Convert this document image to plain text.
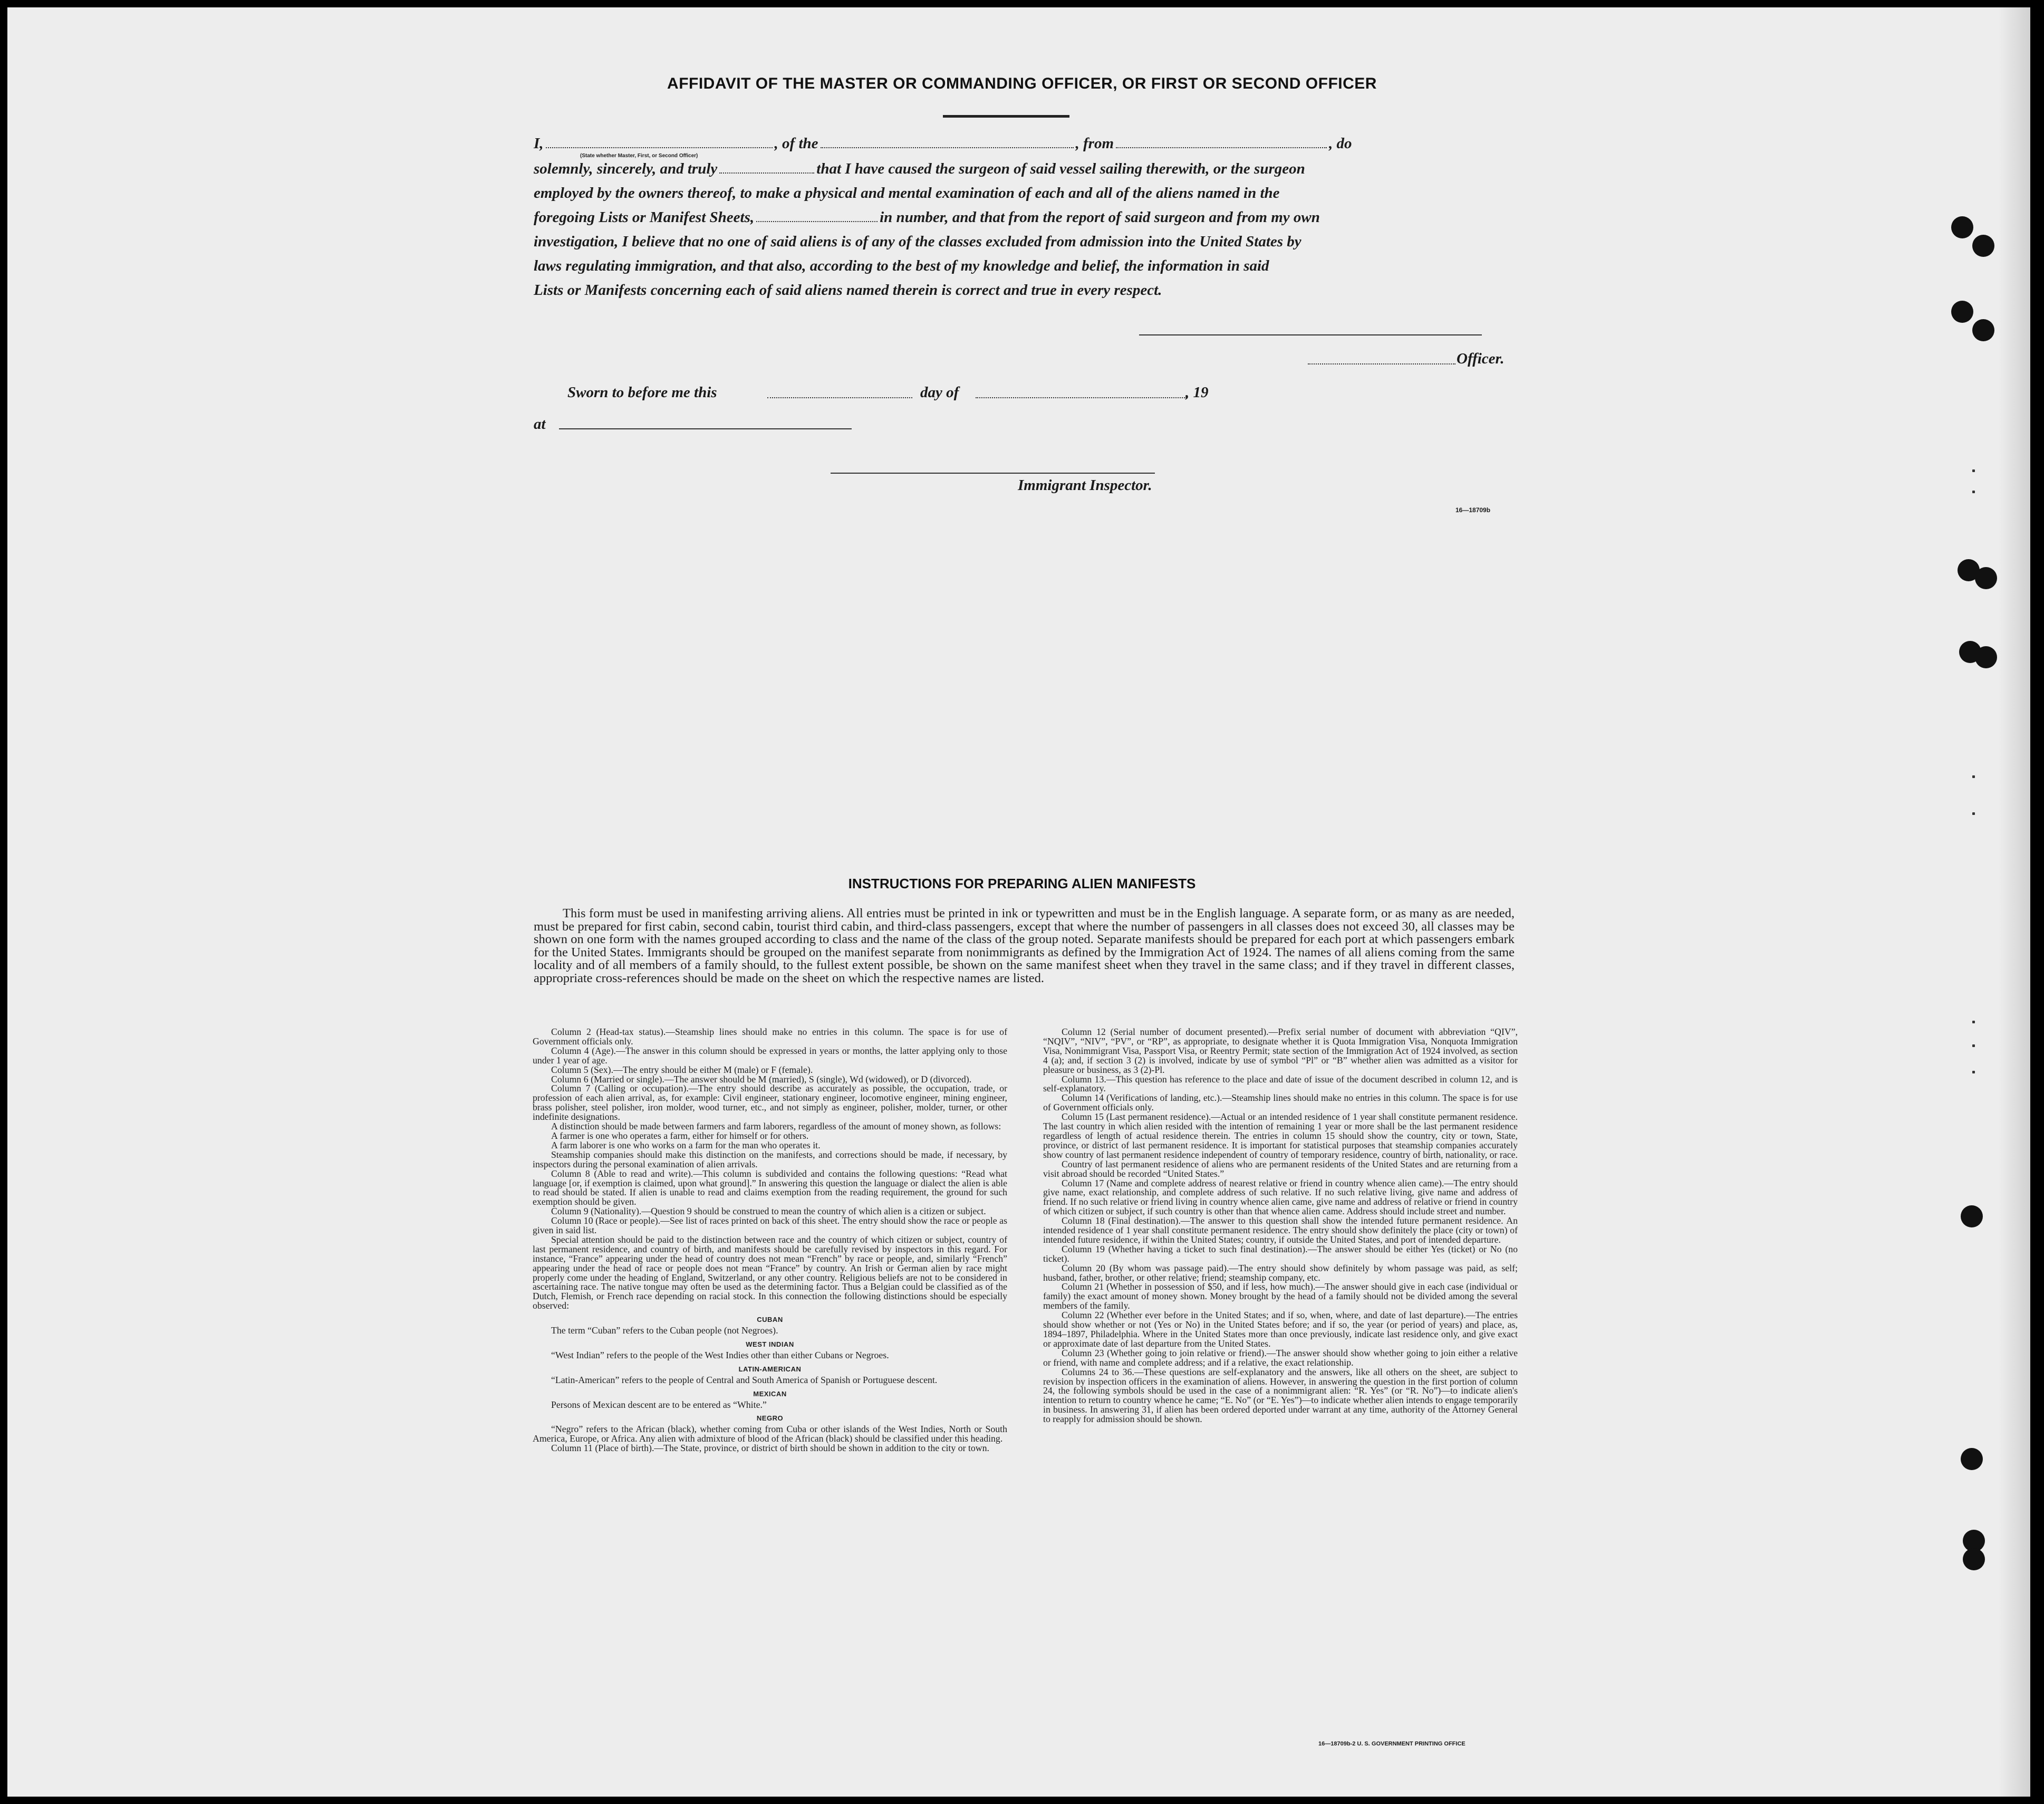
AFFIDAVIT OF THE MASTER OR COMMANDING OFFICER, OR FIRST OR SECOND OFFICER
I,	, of the	, from	, do
(State whether Master, First, or Second Officer)
solemnly, sincerely, and truly	that I have caused the surgeon of said vessel sailing therewith, or the surgeon
employed by the owners thereof, to make a physical and mental examination of each and all of the aliens named in the
foregoing Lists or Manifest Sheets,	in number, and that from the report of said surgeon and from my own
investigation, I believe that no one of said aliens is of any of the classes excluded from admission into the United States by
laws regulating immigration, and that also, according to the best of my knowledge and belief, the information in said
Lists or Manifests concerning each of said aliens named therein is correct and true in every respect.
Officer.
Sworn to before me this	day of	, 19
at
Immigrant Inspector.
16—18709b
INSTRUCTIONS FOR PREPARING ALIEN MANIFESTS

This form must be used in manifesting arriving aliens. All entries must be printed in ink or typewritten and must be in the English language. A separate form, or as many as are needed, must be prepared for first cabin, second cabin, tourist third cabin, and third-class passengers, except that where the number of passengers in all classes does not exceed 30, all classes may be shown on one form with the names grouped according to class and the name of the class of the group noted. Separate manifests should be prepared for each port at which passengers embark for the United States. Immigrants should be grouped on the manifest separate from nonimmigrants as defined by the Immigration Act of 1924. The names of all aliens coming from the same locality and of all members of a family should, to the fullest extent possible, be shown on the same manifest sheet when they travel in the same class; and if they travel in different classes, appropriate cross-references should be made on the sheet on which the respective names are listed.

Column 2 (Head-tax status).—Steamship lines should make no entries in this column. The space is for use of Government officials only.

Column 4 (Age).—The answer in this column should be expressed in years or months, the latter applying only to those under 1 year of age.

Column 5 (Sex).—The entry should be either M (male) or F (female).

Column 6 (Married or single).—The answer should be M (married), S (single), Wd (widowed), or D (divorced).

Column 7 (Calling or occupation).—The entry should describe as accurately as possible, the occupation, trade, or profession of each alien arrival, as, for example: Civil engineer, stationary engineer, locomotive engineer, mining engineer, brass polisher, steel polisher, iron molder, wood turner, etc., and not simply as engineer, polisher, molder, turner, or other indefinite designations.

A distinction should be made between farmers and farm laborers, regardless of the amount of money shown, as follows:

A farmer is one who operates a farm, either for himself or for others.

A farm laborer is one who works on a farm for the man who operates it.

Steamship companies should make this distinction on the manifests, and corrections should be made, if necessary, by inspectors during the personal examination of alien arrivals.

Column 8 (Able to read and write).—This column is subdivided and contains the following questions: “Read what language [or, if exemption is claimed, upon what ground].” In answering this question the language or dialect the alien is able to read should be stated. If alien is unable to read and claims exemption from the reading requirement, the ground for such exemption should be given.

Column 9 (Nationality).—Question 9 should be construed to mean the country of which alien is a citizen or subject.

Column 10 (Race or people).—See list of races printed on back of this sheet. The entry should show the race or people as given in said list.

Special attention should be paid to the distinction between race and the country of which citizen or subject, country of last permanent residence, and country of birth, and manifests should be carefully revised by inspectors in this regard. For instance, “France” appearing under the head of country does not mean “French” by race or people, and, similarly “French” appearing under the head of race or people does not mean “France” by country. An Irish or German alien by race might properly come under the heading of England, Switzerland, or any other country. Religious beliefs are not to be considered in ascertaining race. The native tongue may often be used as the determining factor. Thus a Belgian could be classified as of the Dutch, Flemish, or French race depending on racial stock. In this connection the following distinctions should be especially observed:

CUBAN

The term “Cuban” refers to the Cuban people (not Negroes).

WEST INDIAN

“West Indian” refers to the people of the West Indies other than either Cubans or Negroes.

LATIN-AMERICAN

“Latin-American” refers to the people of Central and South America of Spanish or Portuguese descent.

MEXICAN

Persons of Mexican descent are to be entered as “White.”

NEGRO

“Negro” refers to the African (black), whether coming from Cuba or other islands of the West Indies, North or South America, Europe, or Africa. Any alien with admixture of blood of the African (black) should be classified under this heading.

Column 11 (Place of birth).—The State, province, or district of birth should be shown in addition to the city or town.

Column 12 (Serial number of document presented).—Prefix serial number of document with abbreviation “QIV”, “NQIV”, “NIV”, “PV”, or “RP”, as appropriate, to designate whether it is Quota Immigration Visa, Nonquota Immigration Visa, Nonimmigrant Visa, Passport Visa, or Reentry Permit; state section of the Immigration Act of 1924 involved, as section 4 (a); and, if section 3 (2) is involved, indicate by use of symbol “Pl” or “B” whether alien was admitted as a visitor for pleasure or business, as 3 (2)-Pl.

Column 13.—This question has reference to the place and date of issue of the document described in column 12, and is self-explanatory.

Column 14 (Verifications of landing, etc.).—Steamship lines should make no entries in this column. The space is for use of Government officials only.

Column 15 (Last permanent residence).—Actual or an intended residence of 1 year shall constitute permanent residence. The last country in which alien resided with the intention of remaining 1 year or more shall be the last permanent residence regardless of length of actual residence therein. The entries in column 15 should show the country, city or town, State, province, or district of last permanent residence. It is important for statistical purposes that steamship companies accurately show country of last permanent residence independent of country of temporary residence, country of birth, nationality, or race.

Country of last permanent residence of aliens who are permanent residents of the United States and are returning from a visit abroad should be recorded “United States.”

Column 17 (Name and complete address of nearest relative or friend in country whence alien came).—The entry should give name, exact relationship, and complete address of such relative. If no such relative living, give name and address of friend. If no such relative or friend living in country whence alien came, give name and address of relative or friend in country of which citizen or subject, if such country is other than that whence alien came. Address should include street and number.

Column 18 (Final destination).—The answer to this question shall show the intended future permanent residence. An intended residence of 1 year shall constitute permanent residence. The entry should show definitely the place (city or town) of intended future residence, if within the United States; country, if outside the United States, and port of intended departure.

Column 19 (Whether having a ticket to such final destination).—The answer should be either Yes (ticket) or No (no ticket).

Column 20 (By whom was passage paid).—The entry should show definitely by whom passage was paid, as self; husband, father, brother, or other relative; friend; steamship company, etc.

Column 21 (Whether in possession of $50, and if less, how much).—The answer should give in each case (individual or family) the exact amount of money shown. Money brought by the head of a family should not be divided among the several members of the family.

Column 22 (Whether ever before in the United States; and if so, when, where, and date of last departure).—The entries should show whether or not (Yes or No) in the United States before; and if so, the year (or period of years) and place, as, 1894–1897, Philadelphia. Where in the United States more than once previously, indicate last residence only, and give exact or approximate date of last departure from the United States.

Column 23 (Whether going to join relative or friend).—The answer should show whether going to join either a relative or friend, with name and complete address; and if a relative, the exact relationship.

Columns 24 to 36.—These questions are self-explanatory and the answers, like all others on the sheet, are subject to revision by inspection officers in the examination of aliens. However, in answering the question in the first portion of column 24, the following symbols should be used in the case of a nonimmigrant alien: “R. Yes” (or “R. No”)—to indicate alien's intention to return to country whence he came; “E. No” (or “E. Yes”)—to indicate whether alien intends to engage temporarily in business. In answering 31, if alien has been ordered deported under warrant at any time, authority of the Attorney General to reapply for admission should be shown.

16—18709b-2 U. S. GOVERNMENT PRINTING OFFICE
